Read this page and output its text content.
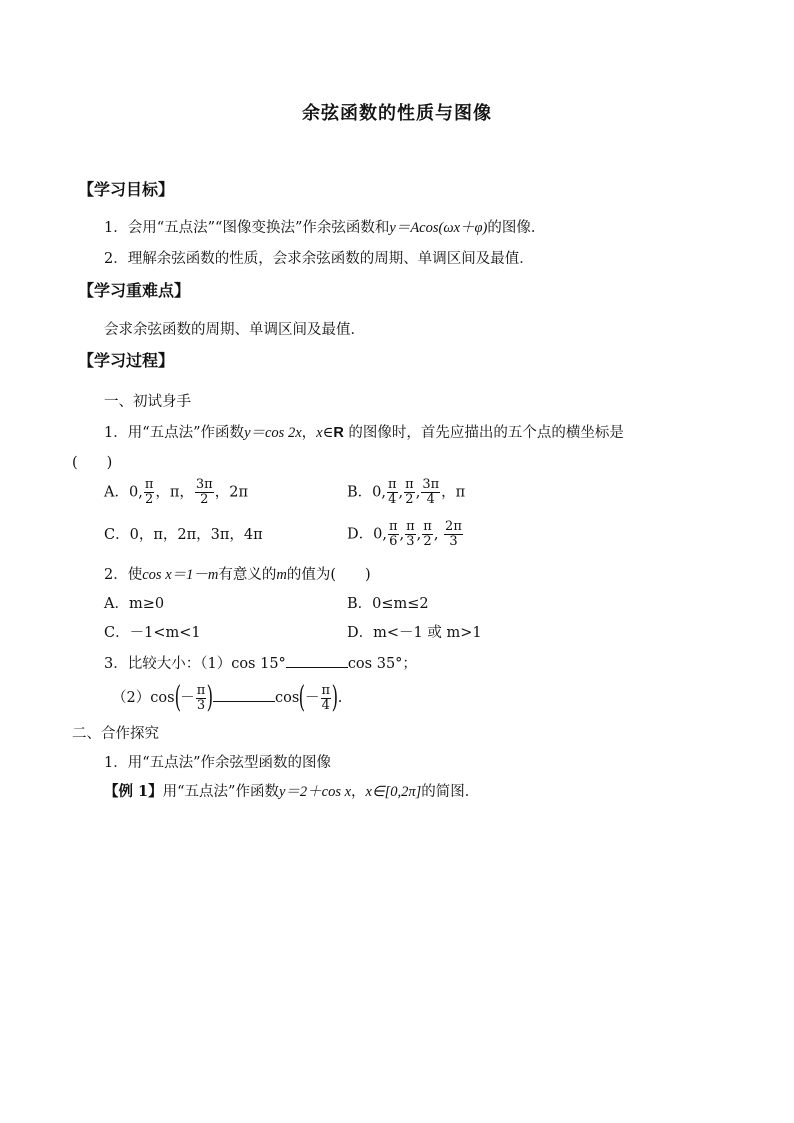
余弦函数的性质与图像
【学习目标】
1．会用“五点法”“图像变换法”作余弦函数和y＝Acos(ωx＋φ)的图像．
2．理解余弦函数的性质，会求余弦函数的周期、单调区间及最值．
【学习重难点】
会求余弦函数的周期、单调区间及最值．
【学习过程】
一、初试身手
1．用“五点法”作函数y＝cos 2x，x∈R 的图像时，首先应描出的五个点的横坐标是
(　　)
A．0, $\frac{\pi}{2}$ ，π， $\frac{3\pi}{2}$ ，2π	B．0, $\frac{\pi}{4}$ , $\frac{\pi}{2}$ , $\frac{3\pi}{4}$ ，π
C．0，π，2π，3π，4π	D．0, $\frac{\pi}{6}$ , $\frac{\pi}{3}$ , $\frac{\pi}{2}$ , $\frac{2\pi}{3}$
2．使cos x＝1－m有意义的m的值为(　　)
A．m≥0	B．0≤m≤2
C．－1<m<1	D．m<－1 或 m>1
3．比较大小：（1）cos 15°	cos 35°；
$(2)\cos(- \frac{\pi}{3}$ )	$\cos(- \frac{\pi}{4}$ ).
二、合作探究
1．用“五点法”作余弦型函数的图像
【例 1】用“五点法”作函数y＝2＋cos x，x∈[0,2π]的简图．
